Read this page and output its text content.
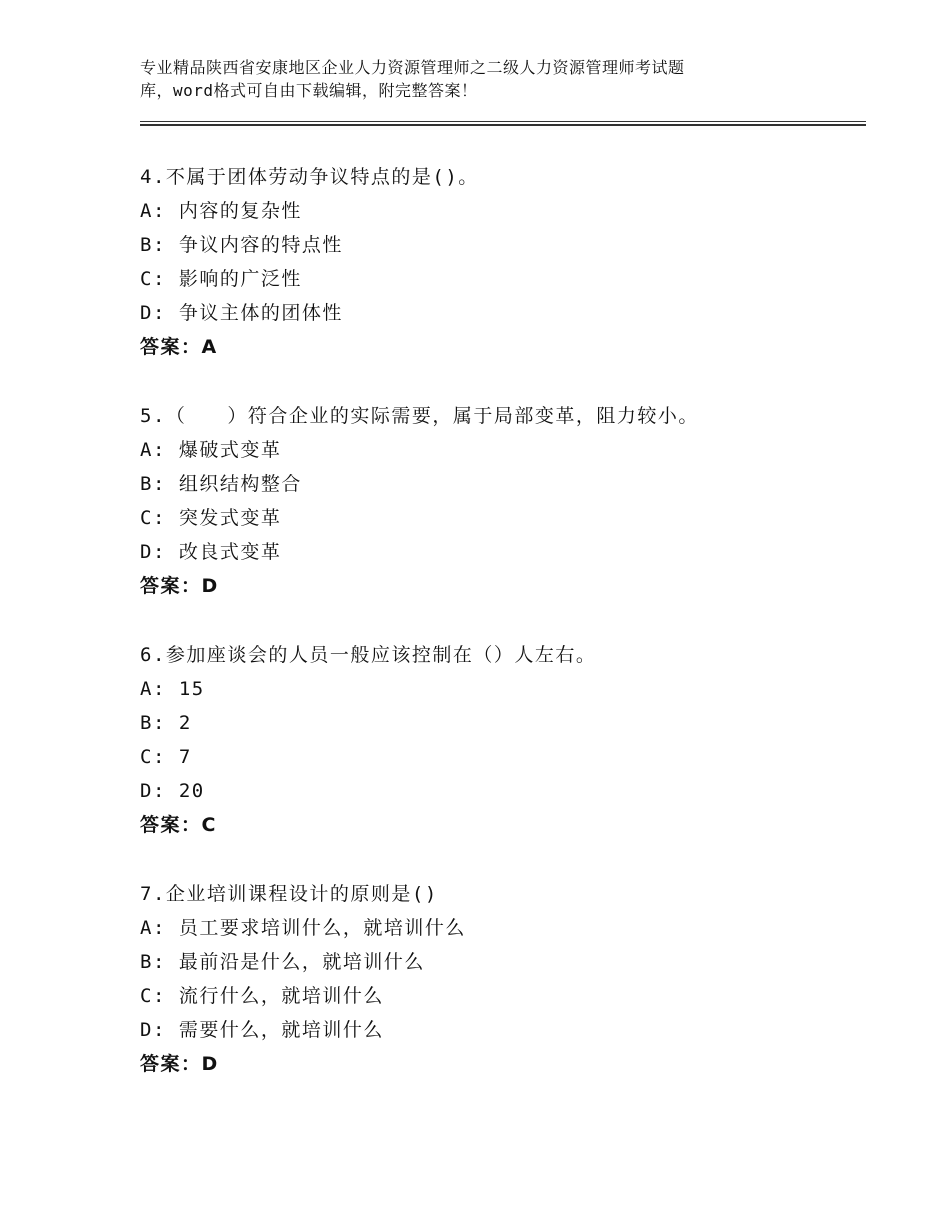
专业精品陕西省安康地区企业人力资源管理师之二级人力资源管理师考试题
库，word格式可自由下载编辑，附完整答案！
4.不属于团体劳动争议特点的是()。
A: 内容的复杂性
B: 争议内容的特点性
C: 影响的广泛性
D: 争议主体的团体性
答案：A
5.（　　）符合企业的实际需要，属于局部变革，阻力较小。
A: 爆破式变革
B: 组织结构整合
C: 突发式变革
D: 改良式变革
答案：D
6.参加座谈会的人员一般应该控制在（）人左右。
A: 15
B: 2
C: 7
D: 20
答案：C
7.企业培训课程设计的原则是()
A: 员工要求培训什么，就培训什么
B: 最前沿是什么，就培训什么
C: 流行什么，就培训什么
D: 需要什么，就培训什么
答案：D
